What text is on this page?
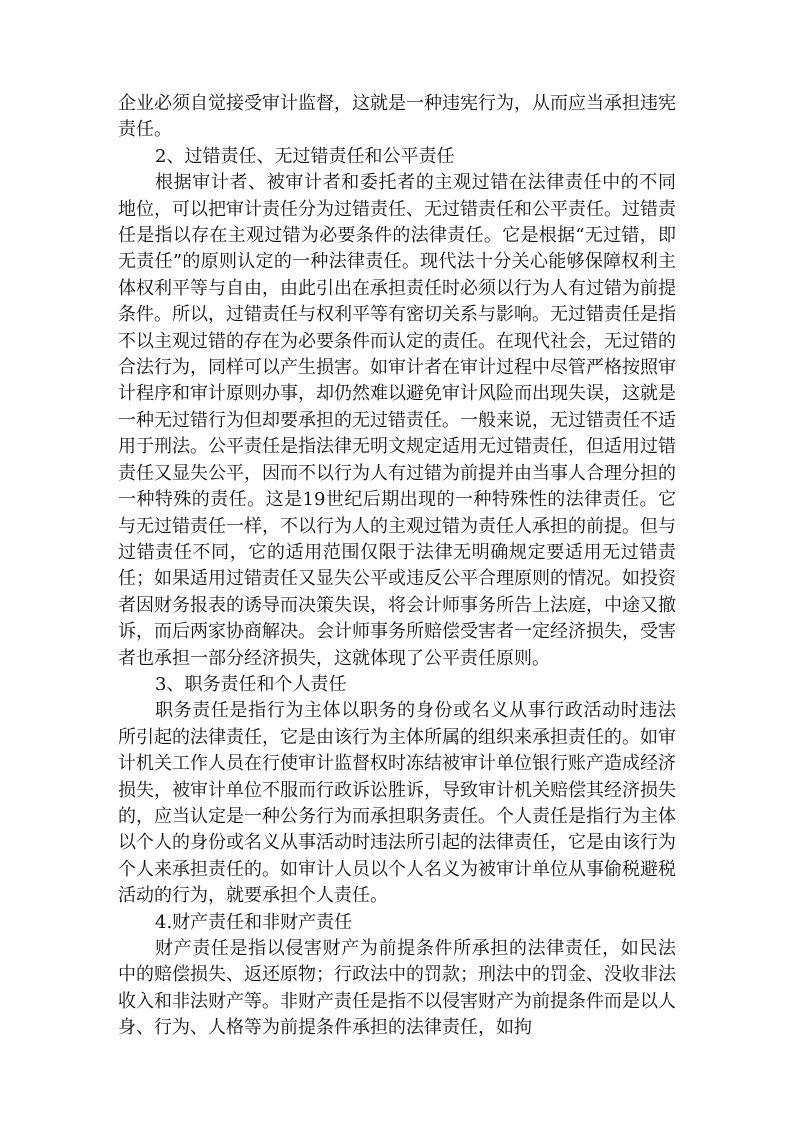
企业必须自觉接受审计监督，这就是一种违宪行为，从而应当承担违宪责任。

2、过错责任、无过错责任和公平责任

根据审计者、被审计者和委托者的主观过错在法律责任中的不同地位，可以把审计责任分为过错责任、无过错责任和公平责任。过错责任是指以存在主观过错为必要条件的法律责任。它是根据“无过错，即无责任”的原则认定的一种法律责任。现代法十分关心能够保障权利主体权利平等与自由，由此引出在承担责任时必须以行为人有过错为前提条件。所以，过错责任与权利平等有密切关系与影响。无过错责任是指不以主观过错的存在为必要条件而认定的责任。在现代社会，无过错的合法行为，同样可以产生损害。如审计者在审计过程中尽管严格按照审计程序和审计原则办事，却仍然难以避免审计风险而出现失误，这就是一种无过错行为但却要承担的无过错责任。一般来说，无过错责任不适用于刑法。公平责任是指法律无明文规定适用无过错责任，但适用过错责任又显失公平，因而不以行为人有过错为前提并由当事人合理分担的一种特殊的责任。这是19世纪后期出现的一种特殊性的法律责任。它与无过错责任一样，不以行为人的主观过错为责任人承担的前提。但与过错责任不同，它的适用范围仅限于法律无明确规定要适用无过错责任；如果适用过错责任又显失公平或违反公平合理原则的情况。如投资者因财务报表的诱导而决策失误，将会计师事务所告上法庭，中途又撤诉，而后两家协商解决。会计师事务所赔偿受害者一定经济损失，受害者也承担一部分经济损失，这就体现了公平责任原则。

3、职务责任和个人责任

职务责任是指行为主体以职务的身份或名义从事行政活动时违法所引起的法律责任，它是由该行为主体所属的组织来承担责任的。如审计机关工作人员在行使审计监督权时冻结被审计单位银行账产造成经济损失，被审计单位不服而行政诉讼胜诉，导致审计机关赔偿其经济损失的，应当认定是一种公务行为而承担职务责任。个人责任是指行为主体以个人的身份或名义从事活动时违法所引起的法律责任，它是由该行为个人来承担责任的。如审计人员以个人名义为被审计单位从事偷税避税活动的行为，就要承担个人责任。

4.财产责任和非财产责任

财产责任是指以侵害财产为前提条件所承担的法律责任，如民法中的赔偿损失、返还原物；行政法中的罚款；刑法中的罚金、没收非法收入和非法财产等。非财产责任是指不以侵害财产为前提条件而是以人身、行为、人格等为前提条件承担的法律责任，如拘
